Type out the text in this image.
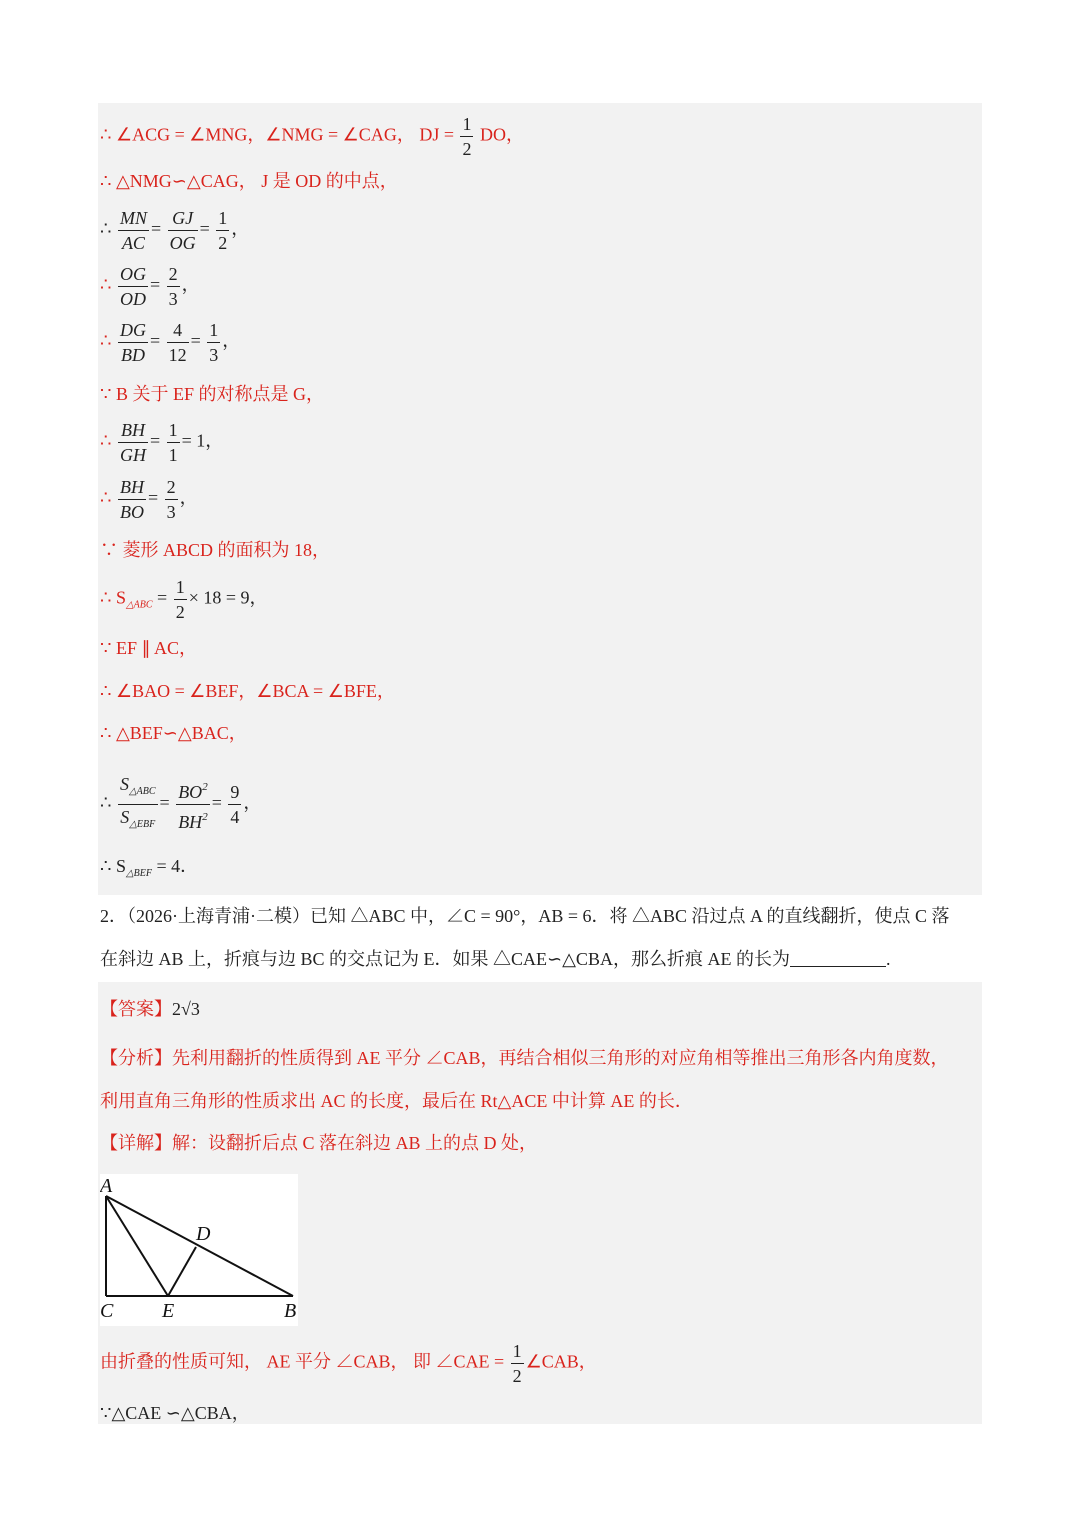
∴ ∠ACG = ∠MNG，∠NMG = ∠CAG， DJ = $\frac{1}{2}$ DO，
∴ △NMG∽△CAG， J 是 OD 的中点，
∴ $\frac{MN}{AC} = \frac{GJ}{OG} = \frac{1}{2}$ ，
∴ $\frac{OG}{OD} = \frac{2}{3}$ ，
∴ $\frac{DG}{BD} = \frac{4}{12} = \frac{1}{3}$ ，
∵ B 关于 EF 的对称点是 G，
∴ $\frac{BH}{GH} = \frac{1}{1} = 1$，
∴ $\frac{BH}{BO} = \frac{2}{3}$ ，
∵ 菱形 ABCD 的面积为 18，
∴ $S_{\triangle ABC} = \frac{1}{2} \times 18 = 9$，
∵ EF ∥ AC，
∴ ∠BAO = ∠BEF，∠BCA = ∠BFE，
∴ △BEF∽△BAC，
∴ $\frac{S_{\triangle ABC}}{S_{\triangle EBF}} = \frac{BO^2}{BH^2} = \frac{9}{4}$ ，
∴ $S_{\triangle BEF} = 4$．
2．（2026·上海青浦·二模）已知 △ABC 中，∠C = 90°，AB = 6．将 △ABC 沿过点 A 的直线翻折，使点 C 落
在斜边 AB 上，折痕与边 BC 的交点记为 E．如果 △CAE∽△CBA，那么折痕 AE 的长为	.
【答案】2√3
【分析】先利用翻折的性质得到 AE 平分 ∠CAB，再结合相似三角形的对应角相等推出三角形各内角度数，
利用直角三角形的性质求出 AC 的长度，最后在 Rt△ACE 中计算 AE 的长．
【详解】解：设翻折后点 C 落在斜边 AB 上的点 D 处，
A
D
C E	B
由折叠的性质可知， AE 平分 ∠CAB， 即 ∠CAE = $\frac{1}{2}$ ∠CAB，
∵△CAE ∽△CBA，
